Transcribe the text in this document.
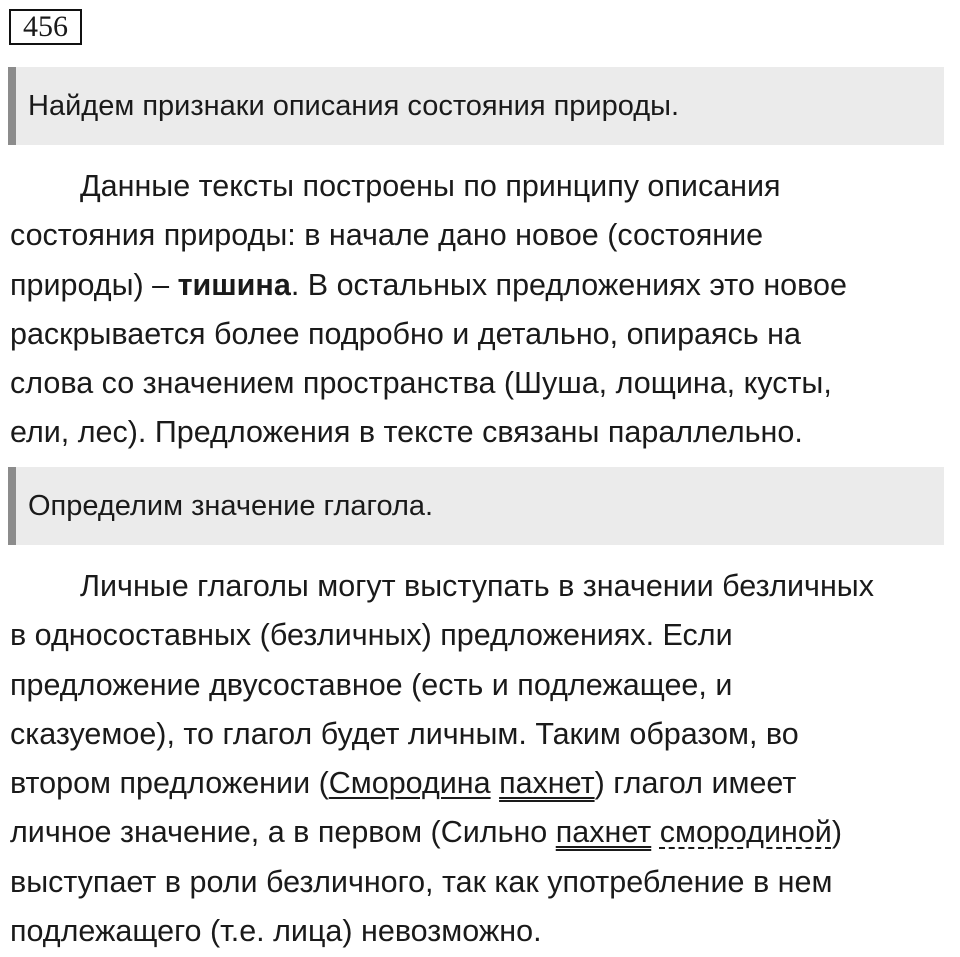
456
Найдем признаки описания состояния природы.

Данные тексты построены по принципу описания
состояния природы: в начале дано новое (состояние
природы) – тишина. В остальных предложениях это новое
раскрывается более подробно и детально, опираясь на
слова со значением пространства (Шуша, лощина, кусты,
ели, лес). Предложения в тексте связаны параллельно.

Определим значение глагола.

Личные глаголы могут выступать в значении безличных
в односоставных (безличных) предложениях. Если
предложение двусоставное (есть и подлежащее, и
сказуемое), то глагол будет личным. Таким образом, во
втором предложении (Смородина пахнет) глагол имеет
личное значение, а в первом (Сильно пахнет смородиной)
выступает в роли безличного, так как употребление в нем
подлежащего (т.е. лица) невозможно.
